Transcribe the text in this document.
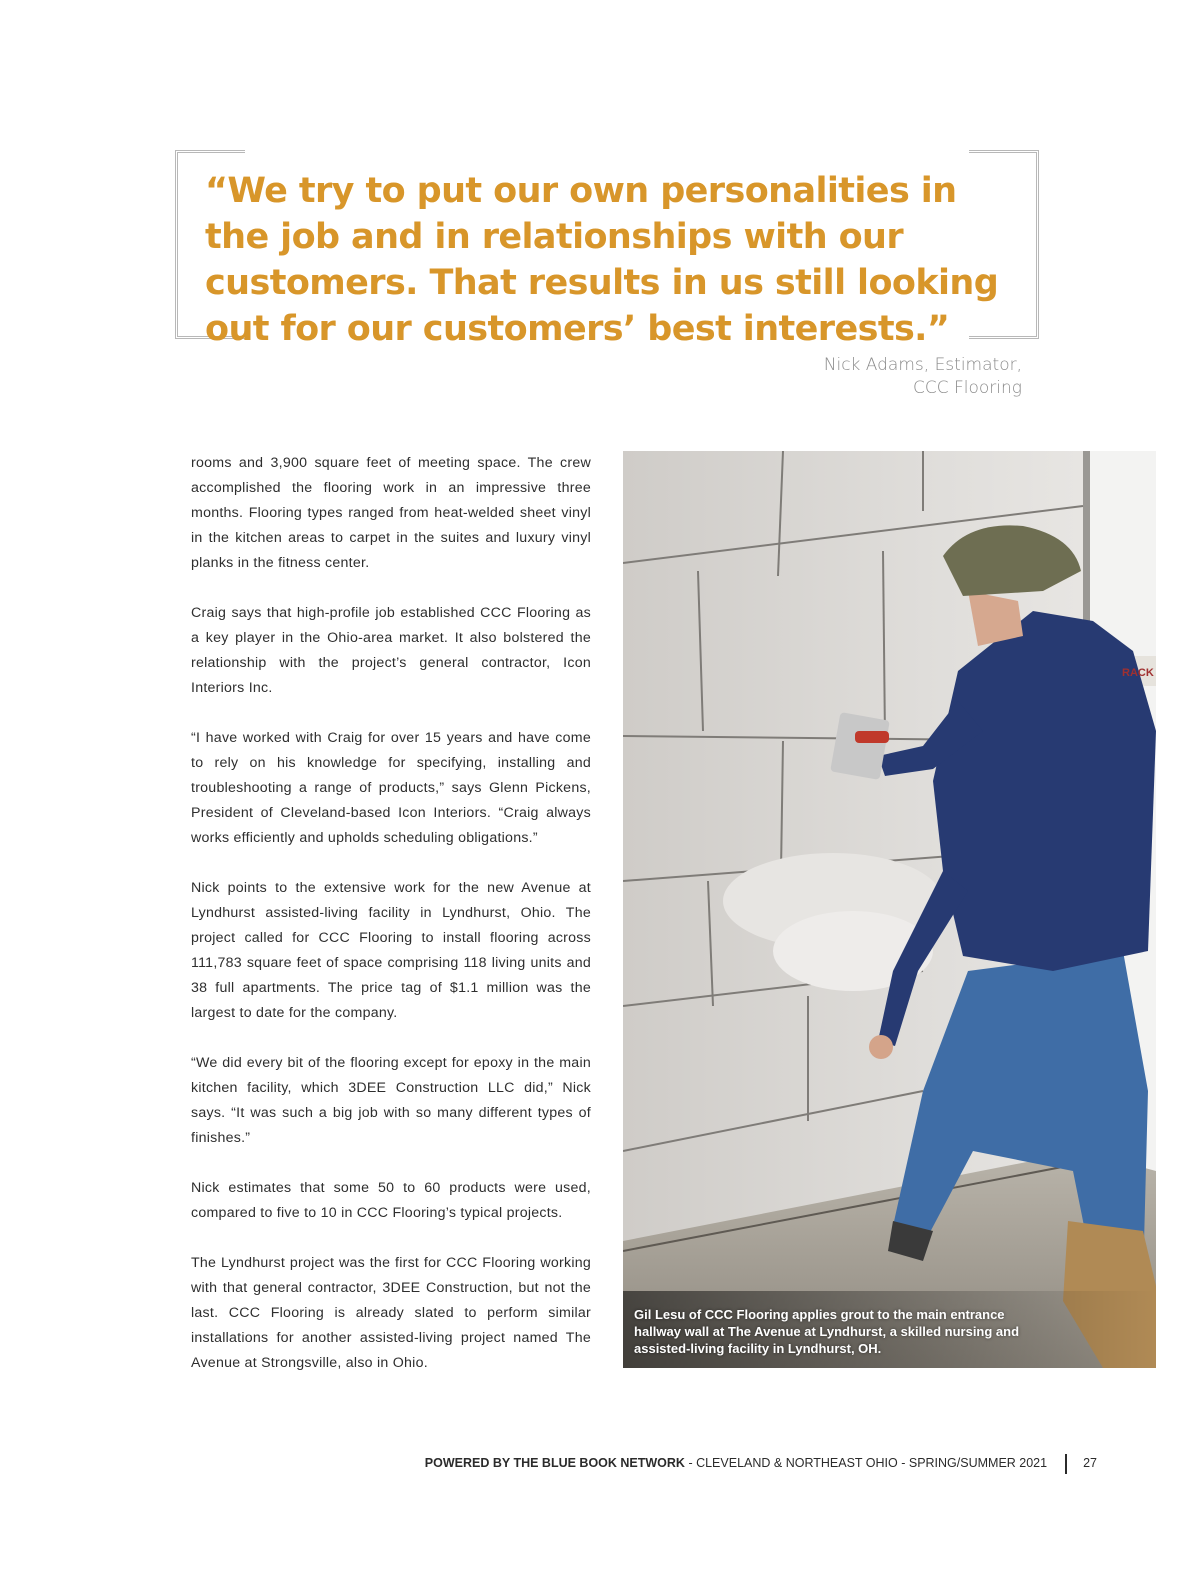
“We try to put our own personalities in the job and in relationships with our customers. That results in us still looking out for our customers’ best interests.”
Nick Adams, Estimator,
CCC Flooring

rooms and 3,900 square feet of meeting space. The crew accomplished the flooring work in an impressive three months. Flooring types ranged from heat-welded sheet vinyl in the kitchen areas to carpet in the suites and luxury vinyl planks in the fitness center.

Craig says that high-profile job established CCC Flooring as a key player in the Ohio-area market. It also bolstered the relationship with the project’s general contractor, Icon Interiors Inc.

“I have worked with Craig for over 15 years and have come to rely on his knowledge for specifying, installing and troubleshooting a range of products,” says Glenn Pickens, President of Cleveland-based Icon Interiors. “Craig always works efficiently and upholds scheduling obligations.”

Nick points to the extensive work for the new Avenue at Lyndhurst assisted-living facility in Lyndhurst, Ohio. The project called for CCC Flooring to install flooring across 111,783 square feet of space comprising 118 living units and 38 full apartments. The price tag of $1.1 million was the largest to date for the company.

“We did every bit of the flooring except for epoxy in the main kitchen facility, which 3DEE Construction LLC did,” Nick says. “It was such a big job with so many different types of finishes.”

Nick estimates that some 50 to 60 products were used, compared to five to 10 in CCC Flooring’s typical projects.

The Lyndhurst project was the first for CCC Flooring working with that general contractor, 3DEE Construction, but not the last. CCC Flooring is already slated to perform similar installations for another assisted-living project named The Avenue at Strongsville, also in Ohio.

RACK
Gil Lesu of CCC Flooring applies grout to the main entrance hallway wall at The Avenue at Lyndhurst, a skilled nursing and assisted-living facility in Lyndhurst, OH.
POWERED BY THE BLUE BOOK NETWORK - CLEVELAND & NORTHEAST OHIO - SPRING/SUMMER 2021	27
